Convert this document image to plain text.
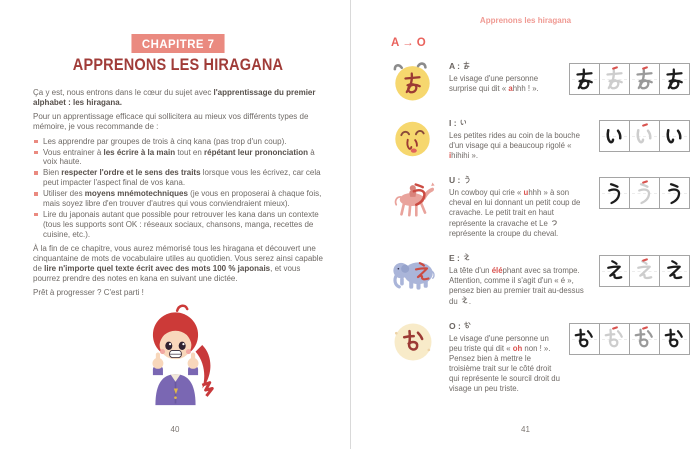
CHAPITRE 7
APPRENONS LES HIRAGANA

Ça y est, nous entrons dans le cœur du sujet avec l'apprentissage du premier alphabet : les hiragana.

Pour un apprentissage efficace qui sollicitera au mieux vos différents types de mémoire, je vous recommande de :

Les apprendre par groupes de trois à cinq kana (pas trop d'un coup).
Vous entrainer à les écrire à la main tout en répétant leur prononciation à voix haute.
Bien respecter l'ordre et le sens des traits lorsque vous les écrivez, car cela peut impacter l'aspect final de vos kana.
Utiliser des moyens mnémotechniques (je vous en proposerai à chaque fois, mais soyez libre d'en trouver d'autres qui vous conviendraient mieux).
Lire du japonais autant que possible pour retrouver les kana dans un contexte (tous les supports sont OK : réseaux sociaux, chansons, manga, recettes de cuisine, etc.).

À la fin de ce chapitre, vous aurez mémorisé tous les hiragana et découvert une cinquantaine de mots de vocabulaire utiles au quotidien. Vous serez ainsi capable de lire n'importe quel texte écrit avec des mots 100 % japonais, et vous pourrez prendre des notes en kana en suivant une dictée.

Prêt à progresser ? C'est parti !

40
Apprenons les hiragana
A → O
A :

Le visage d'une personne surprise qui dit « ahhh ! ».

I :

Les petites rides au coin de la bouche d'un visage qui a beaucoup rigolé « ihihihi ».

U :

Un cowboy qui crie « uhhh » à son cheval en lui donnant un petit coup de cravache. Le petit trait en haut représente la cravache et Le  représente la croupe du cheval.

E :

La tête d'un éléphant avec sa trompe. Attention, comme il s'agit d'un « é », pensez bien au premier trait au-dessus du .

O :

Le visage d'une personne un peu triste qui dit « oh non ! ». Pensez bien à mettre le troisième trait sur le côté droit qui représente le sourcil droit du visage un peu triste.

41
